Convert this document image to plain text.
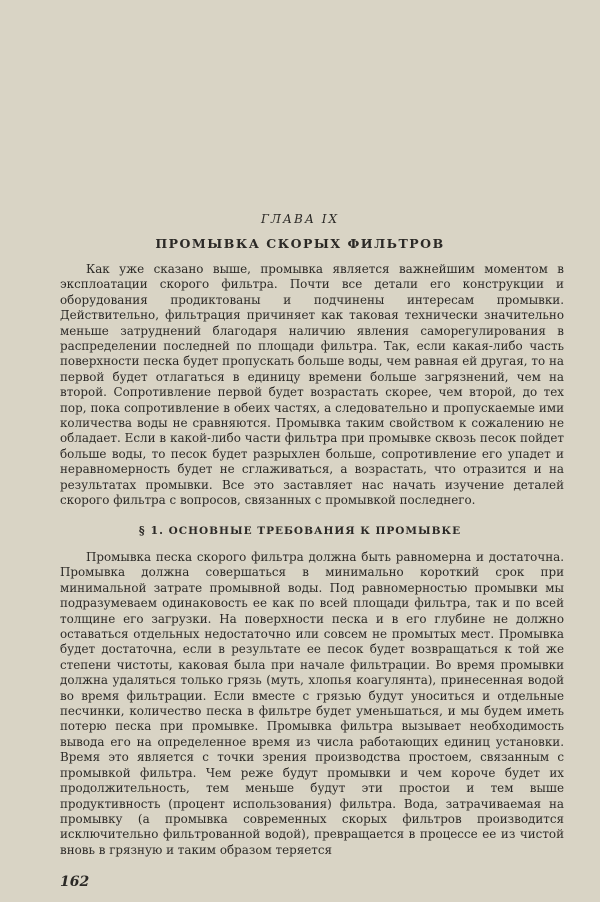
ГЛАВА IX
ПРОМЫВКА СКОРЫХ ФИЛЬТРОВ

Как уже сказано выше, промывка является важнейшим моментом в эксплоатации скорого фильтра. Почти все детали его конструкции и оборудования продиктованы и подчинены интересам промывки. Действительно, фильтрация причиняет как таковая технически значительно меньше затруднений благодаря наличию явления саморегулирования в распределении последней по площади фильтра. Так, если какая-либо часть поверхности песка будет пропускать больше воды, чем равная ей другая, то на первой будет отлагаться в единицу времени больше загрязнений, чем на второй. Сопротивление первой будет возрастать скорее, чем второй, до тех пор, пока сопротивление в обеих частях, а следовательно и пропускаемые ими количества воды не сравняются. Промывка таким свойством к сожалению не обладает. Если в какой-либо части фильтра при промывке сквозь песок пойдет больше воды, то песок будет разрыхлен больше, сопротивление его упадет и неравномерность будет не сглаживаться, а возрастать, что отразится и на результатах промывки. Все это заставляет нас начать изучение деталей скорого фильтра с вопросов, связанных с промывкой последнего.

§ 1. ОСНОВНЫЕ ТРЕБОВАНИЯ К ПРОМЫВКЕ

Промывка песка скорого фильтра должна быть равномерна и достаточна. Промывка должна совершаться в минимально короткий срок при минимальной затрате промывной воды. Под равномерностью промывки мы подразумеваем одинаковость ее как по всей площади фильтра, так и по всей толщине его загрузки. На поверхности песка и в его глубине не должно оставаться отдельных недостаточно или совсем не промытых мест. Промывка будет достаточна, если в результате ее песок будет возвращаться к той же степени чистоты, каковая была при начале фильтрации. Во время промывки должна удаляться только грязь (муть, хлопья коагулянта), принесенная водой во время фильтрации. Если вместе с грязью будут уноситься и отдельные песчинки, количество песка в фильтре будет уменьшаться, и мы будем иметь потерю песка при промывке. Промывка фильтра вызывает необходимость вывода его на определенное время из числа работающих единиц установки. Время это является с точки зрения производства простоем, связанным с промывкой фильтра. Чем реже будут промывки и чем короче будет их продолжительность, тем меньше будут эти простои и тем выше продуктивность (процент использования) фильтра. Вода, затрачиваемая на промывку (а промывка современных скорых фильтров производится исключительно фильтрованной водой), превращается в процессе ее из чистой вновь в грязную и таким образом теряется

162
